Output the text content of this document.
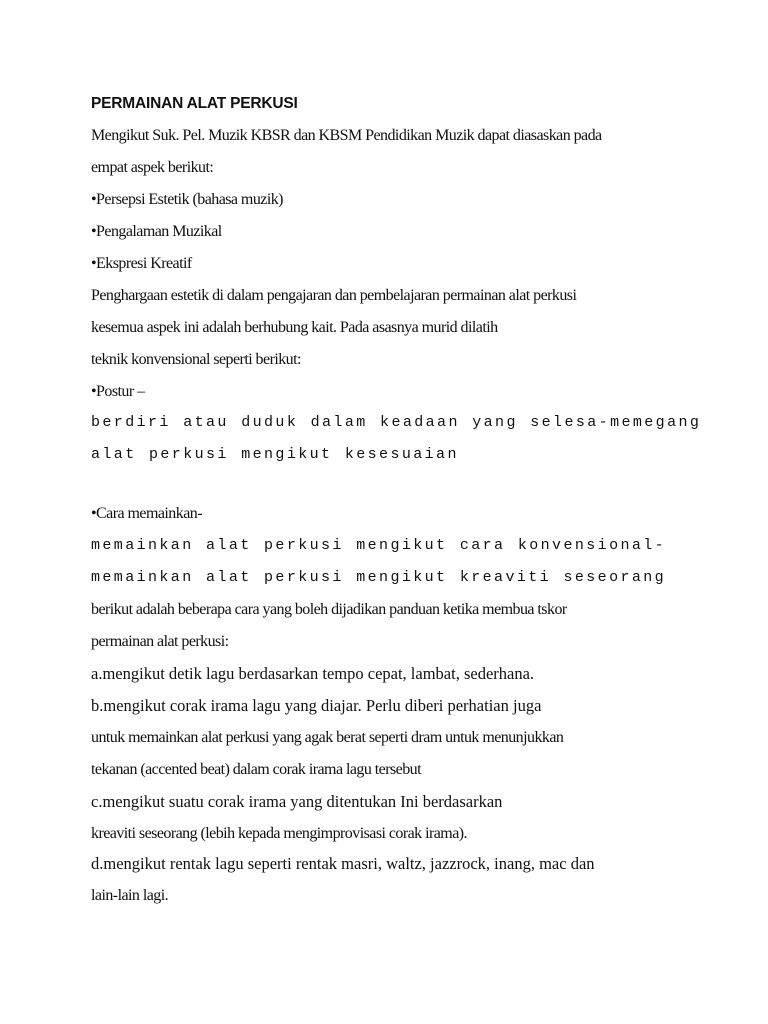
PERMAINAN ALAT PERKUSI
Mengikut Suk. Pel. Muzik KBSR dan KBSM Pendidikan Muzik dapat diasaskan pada
empat aspek berikut:
•Persepsi Estetik (bahasa muzik)
•Pengalaman Muzikal
•Ekspresi Kreatif
Penghargaan estetik di dalam pengajaran dan pembelajaran permainan alat perkusi
kesemua aspek ini adalah berhubung kait. Pada asasnya murid dilatih
teknik konvensional seperti berikut:
•Postur –
berdiri atau duduk dalam keadaan yang selesa-memegang
alat perkusi mengikut kesesuaian
•Cara memainkan-
memainkan alat perkusi mengikut cara konvensional-
memainkan alat perkusi mengikut kreaviti seseorang
berikut adalah beberapa cara yang boleh dijadikan panduan ketika membua tskor
permainan alat perkusi:
a.mengikut detik lagu berdasarkan tempo cepat, lambat, sederhana.
b.mengikut corak irama lagu yang diajar. Perlu diberi perhatian juga
untuk memainkan alat perkusi yang agak berat seperti dram untuk menunjukkan
tekanan (accented beat) dalam corak irama lagu tersebut
c.mengikut suatu corak irama yang ditentukan Ini berdasarkan
kreaviti seseorang (lebih kepada mengimprovisasi corak irama).
d.mengikut rentak lagu seperti rentak masri, waltz, jazzrock, inang, mac dan
lain-lain lagi.
